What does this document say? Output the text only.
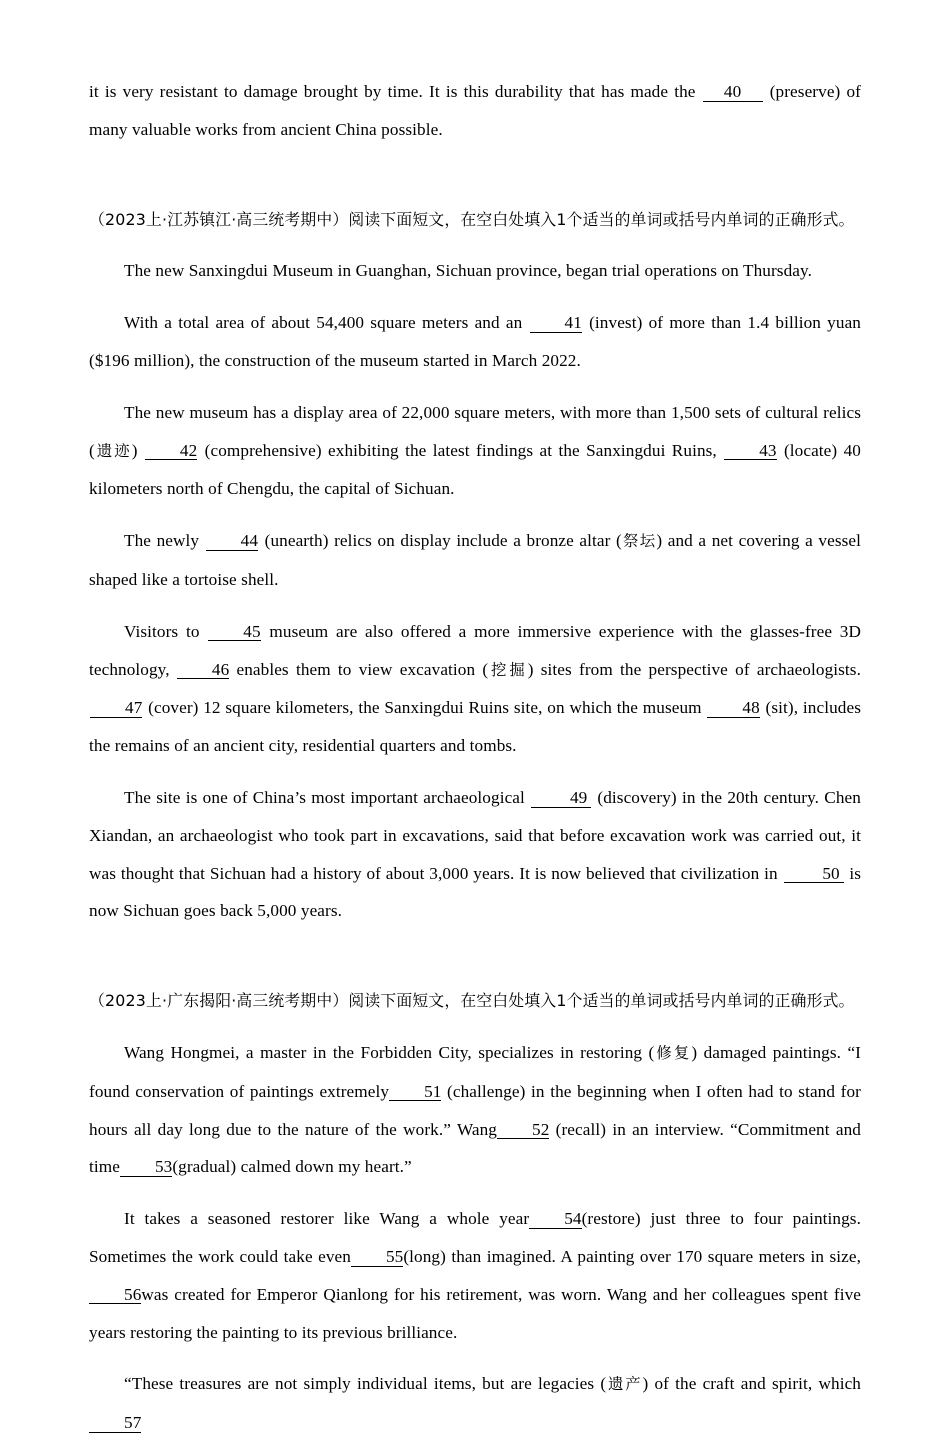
it is very resistant to damage brought by time. It is this durability that has made the 40 (preserve) of many valuable works from ancient China possible.

（2023上·江苏镇江·高三统考期中）阅读下面短文，在空白处填入1个适当的单词或括号内单词的正确形式。

The new Sanxingdui Museum in Guanghan, Sichuan province, began trial operations on Thursday.

With a total area of about 54,400 square meters and an 41 (invest) of more than 1.4 billion yuan ($196 million), the construction of the museum started in March 2022.

The new museum has a display area of 22,000 square meters, with more than 1,500 sets of cultural relics (遗迹) 42 (comprehensive) exhibiting the latest findings at the Sanxingdui Ruins, 43 (locate) 40 kilometers north of Chengdu, the capital of Sichuan.

The newly 44 (unearth) relics on display include a bronze altar (祭坛) and a net covering a vessel shaped like a tortoise shell.

Visitors to 45 museum are also offered a more immersive experience with the glasses-free 3D technology, 46 enables them to view excavation (挖掘) sites from the perspective of archaeologists. 47 (cover) 12 square kilometers, the Sanxingdui Ruins site, on which the museum 48 (sit), includes the remains of an ancient city, residential quarters and tombs.

The site is one of China’s most important archaeological 49 (discovery) in the 20th century. Chen Xiandan, an archaeologist who took part in excavations, said that before excavation work was carried out, it was thought that Sichuan had a history of about 3,000 years. It is now believed that civilization in 50 is now Sichuan goes back 5,000 years.

（2023上·广东揭阳·高三统考期中）阅读下面短文，在空白处填入1个适当的单词或括号内单词的正确形式。

Wang Hongmei, a master in the Forbidden City, specializes in restoring (修复) damaged paintings. “I found conservation of paintings extremely 51 (challenge) in the beginning when I often had to stand for hours all day long due to the nature of the work.” Wang 52 (recall) in an interview. “Commitment and time 53(gradual) calmed down my heart.”

It takes a seasoned restorer like Wang a whole year 54(restore) just three to four paintings. Sometimes the work could take even 55(long) than imagined. A painting over 170 square meters in size, 56was created for Emperor Qianlong for his retirement, was worn. Wang and her colleagues spent five years restoring the painting to its previous brilliance.

“These treasures are not simply individual items, but are legacies (遗产) of the craft and spirit, which57
